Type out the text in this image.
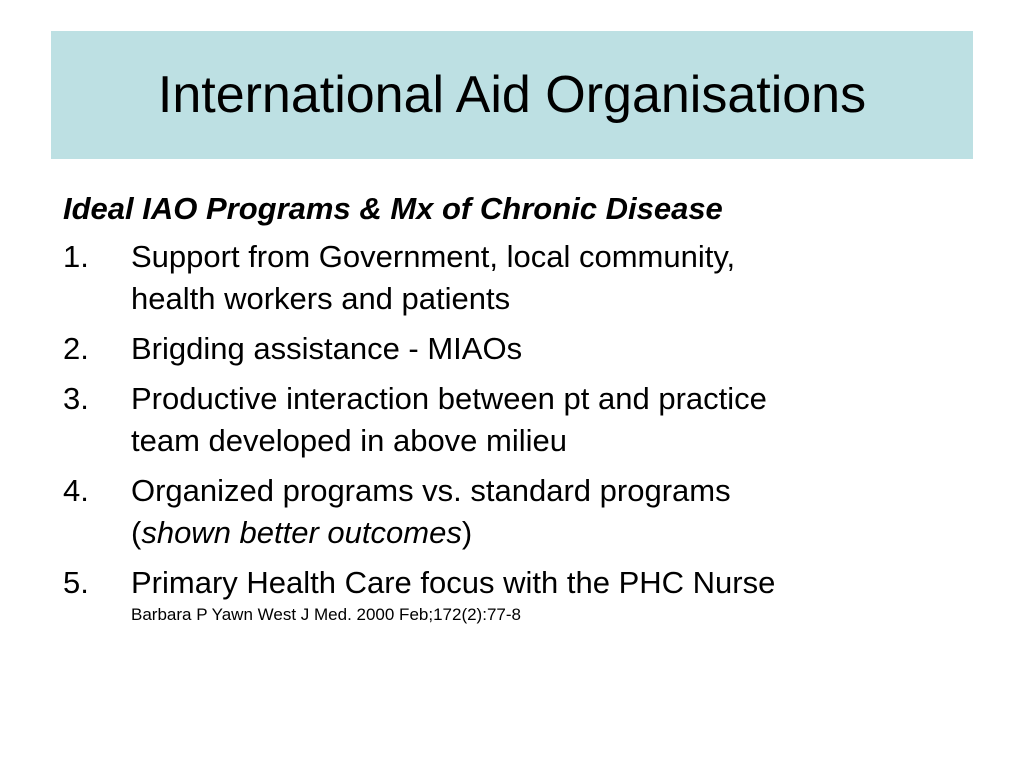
International Aid Organisations

Ideal IAO Programs & Mx of Chronic Disease

1. Support from Government, local community,
health workers and patients
2. Brigding assistance - MIAOs
3. Productive interaction between pt and practice
team developed in above milieu
4. Organized programs vs. standard programs
(shown better outcomes)
5. Primary Health Care focus with the PHC Nurse
Barbara P Yawn West J Med. 2000 Feb;172(2):77-8
